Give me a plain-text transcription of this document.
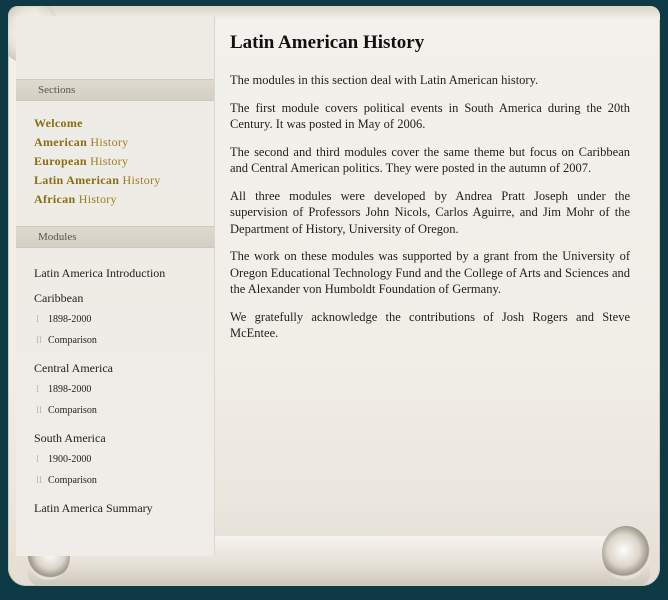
Sections
Welcome
American History
European History
Latin American History
African History
Modules
Latin America Introduction
Caribbean
I 1898-2000
II Comparison
Central America
I 1898-2000
II Comparison
South America
I 1900-2000
II Comparison
Latin America Summary
Latin American History

The modules in this section deal with Latin American history.

The first module covers political events in South America during the 20th Century. It was posted in May of 2006.

The second and third modules cover the same theme but focus on Caribbean and Central American politics. They were posted in the autumn of 2007.

All three modules were developed by Andrea Pratt Joseph under the supervision of Professors John Nicols, Carlos Aguirre, and Jim Mohr of the Department of History, University of Oregon.

The work on these modules was supported by a grant from the University of Oregon Educational Technology Fund and the College of Arts and Sciences and the Alexander von Humboldt Foundation of Germany.

We gratefully acknowledge the contributions of Josh Rogers and Steve McEntee.
